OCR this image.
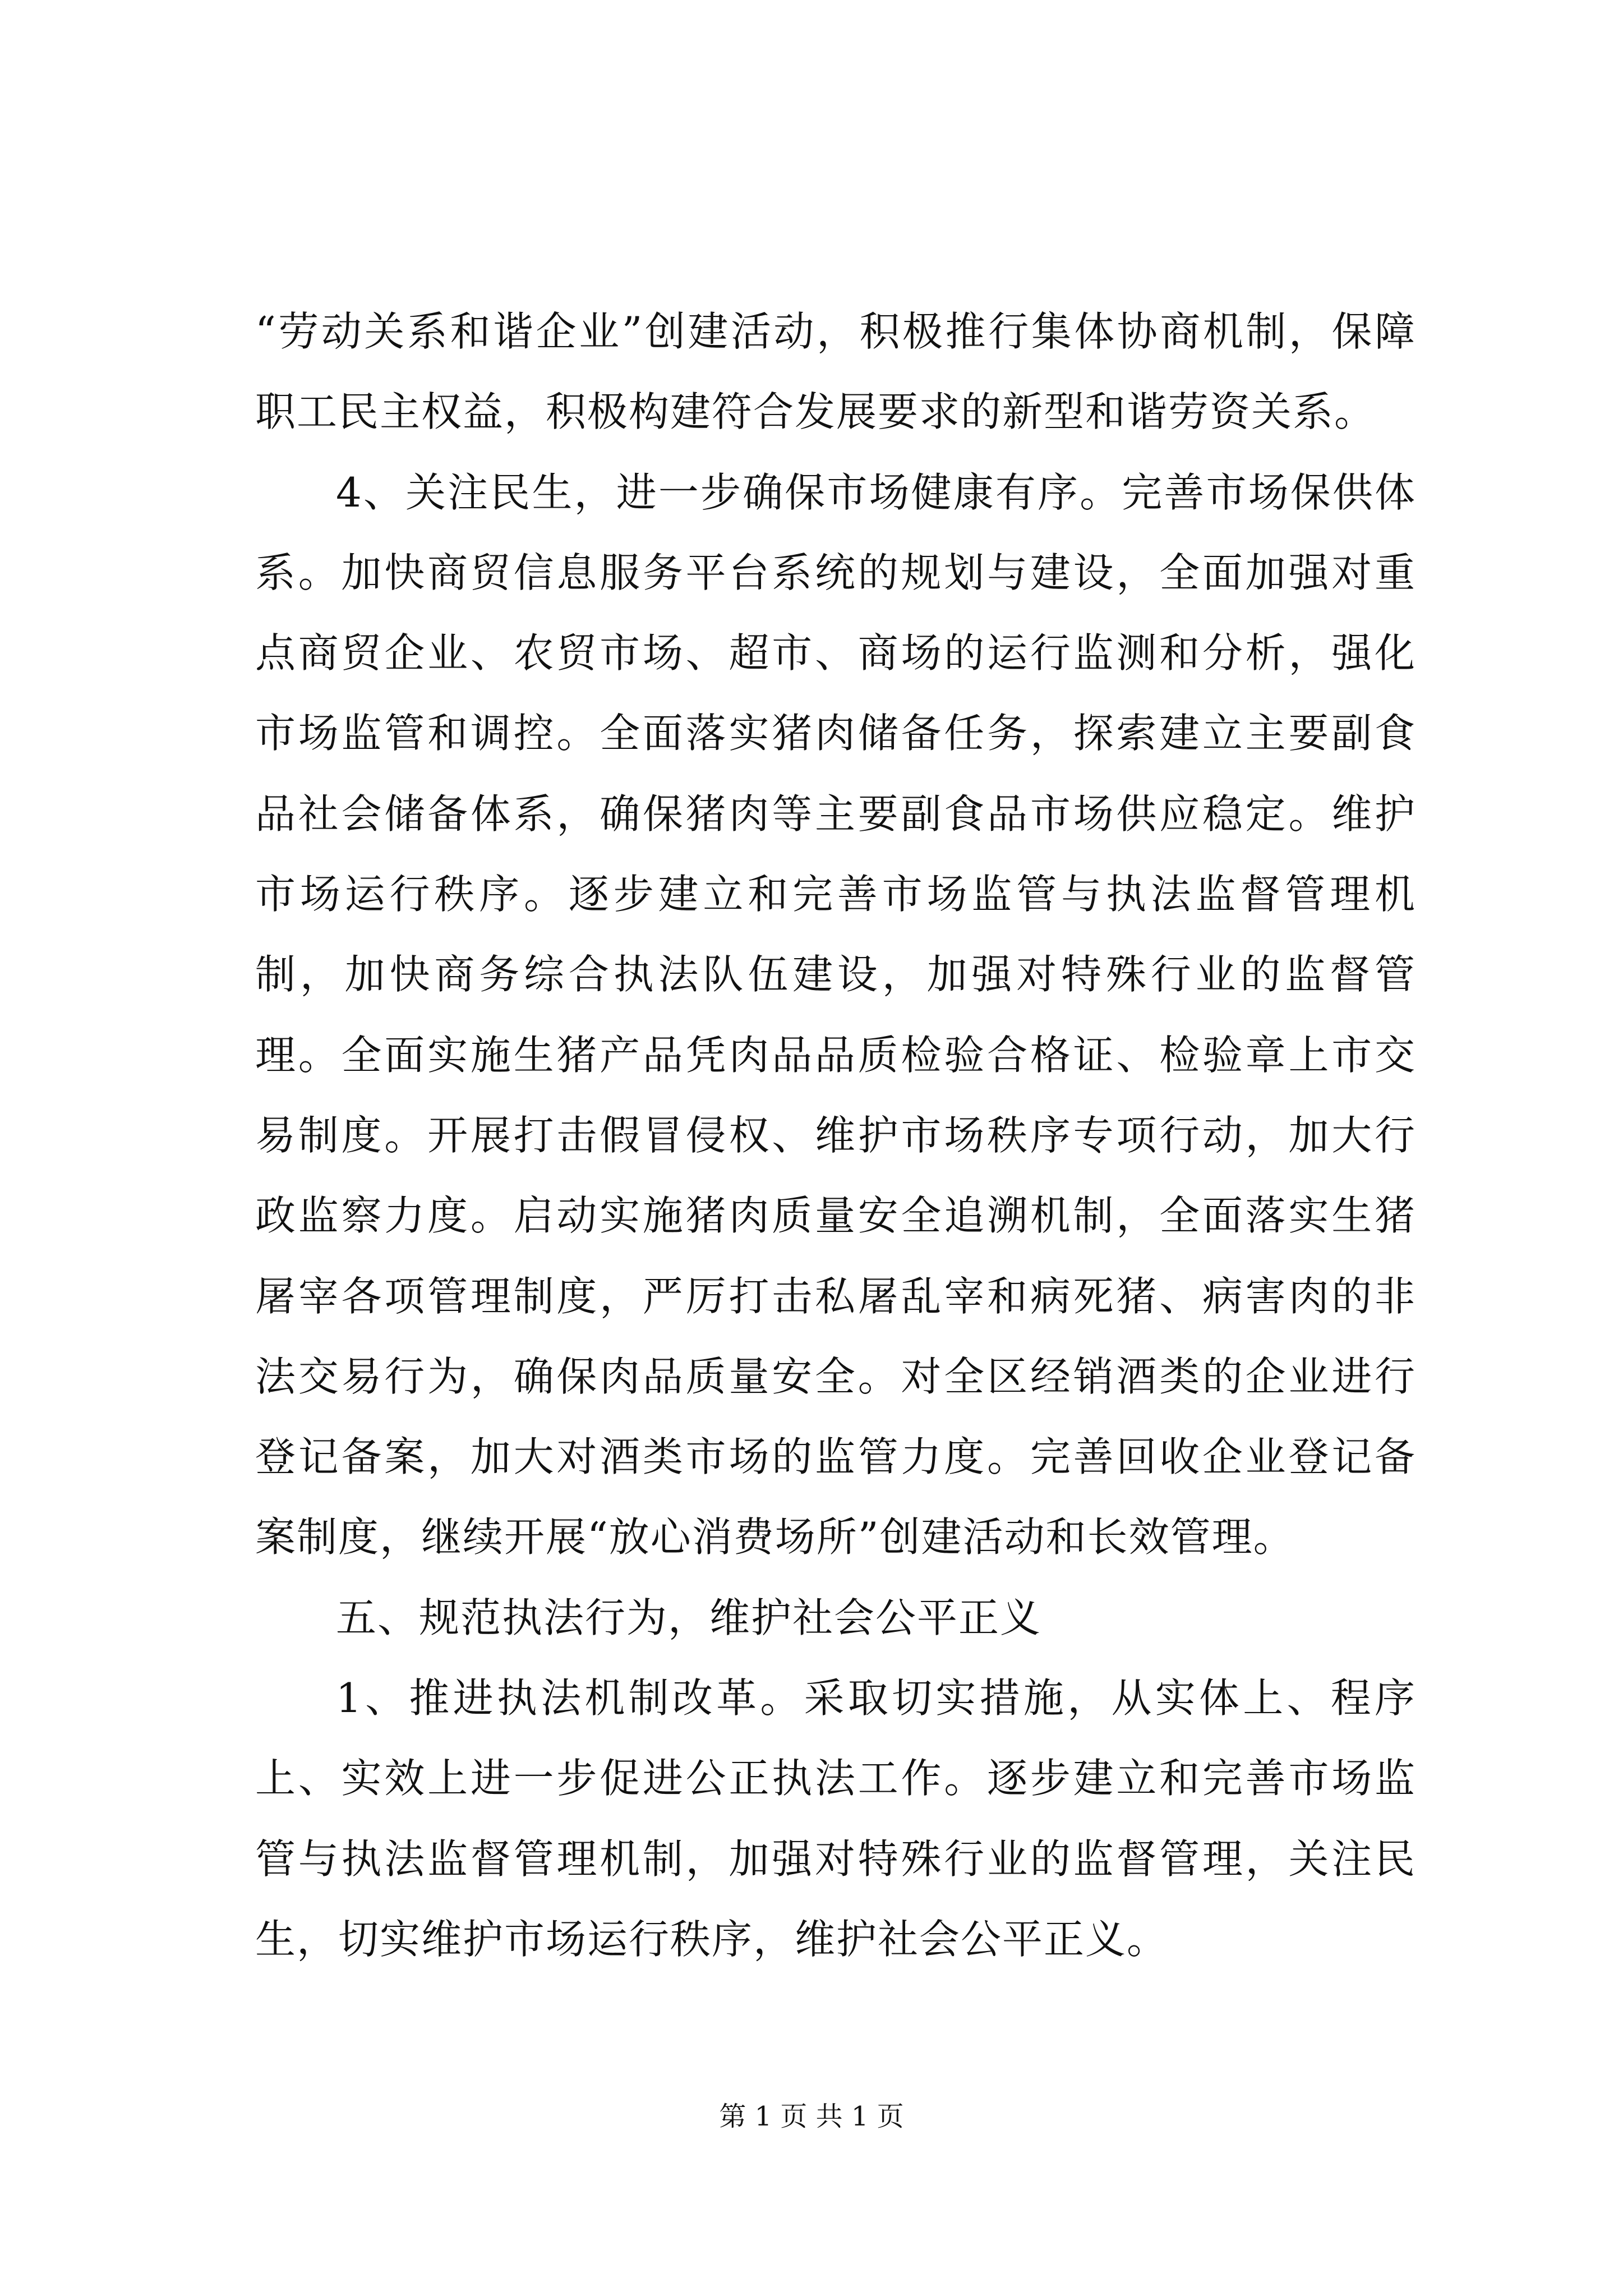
“劳动关系和谐企业”创建活动，积极推行集体协商机制，保障职工民主权益，积极构建符合发展要求的新型和谐劳资关系。

4、关注民生，进一步确保市场健康有序。完善市场保供体系。加快商贸信息服务平台系统的规划与建设，全面加强对重点商贸企业、农贸市场、超市、商场的运行监测和分析，强化市场监管和调控。全面落实猪肉储备任务，探索建立主要副食品社会储备体系，确保猪肉等主要副食品市场供应稳定。维护市场运行秩序。逐步建立和完善市场监管与执法监督管理机制，加快商务综合执法队伍建设，加强对特殊行业的监督管理。全面实施生猪产品凭肉品品质检验合格证、检验章上市交易制度。开展打击假冒侵权、维护市场秩序专项行动，加大行政监察力度。启动实施猪肉质量安全追溯机制，全面落实生猪屠宰各项管理制度，严厉打击私屠乱宰和病死猪、病害肉的非法交易行为，确保肉品质量安全。对全区经销酒类的企业进行登记备案，加大对酒类市场的监管力度。完善回收企业登记备案制度，继续开展“放心消费场所”创建活动和长效管理。

五、规范执法行为，维护社会公平正义

1、推进执法机制改革。采取切实措施，从实体上、程序上、实效上进一步促进公正执法工作。逐步建立和完善市场监管与执法监督管理机制，加强对特殊行业的监督管理，关注民生，切实维护市场运行秩序，维护社会公平正义。

第 1 页 共 1 页
